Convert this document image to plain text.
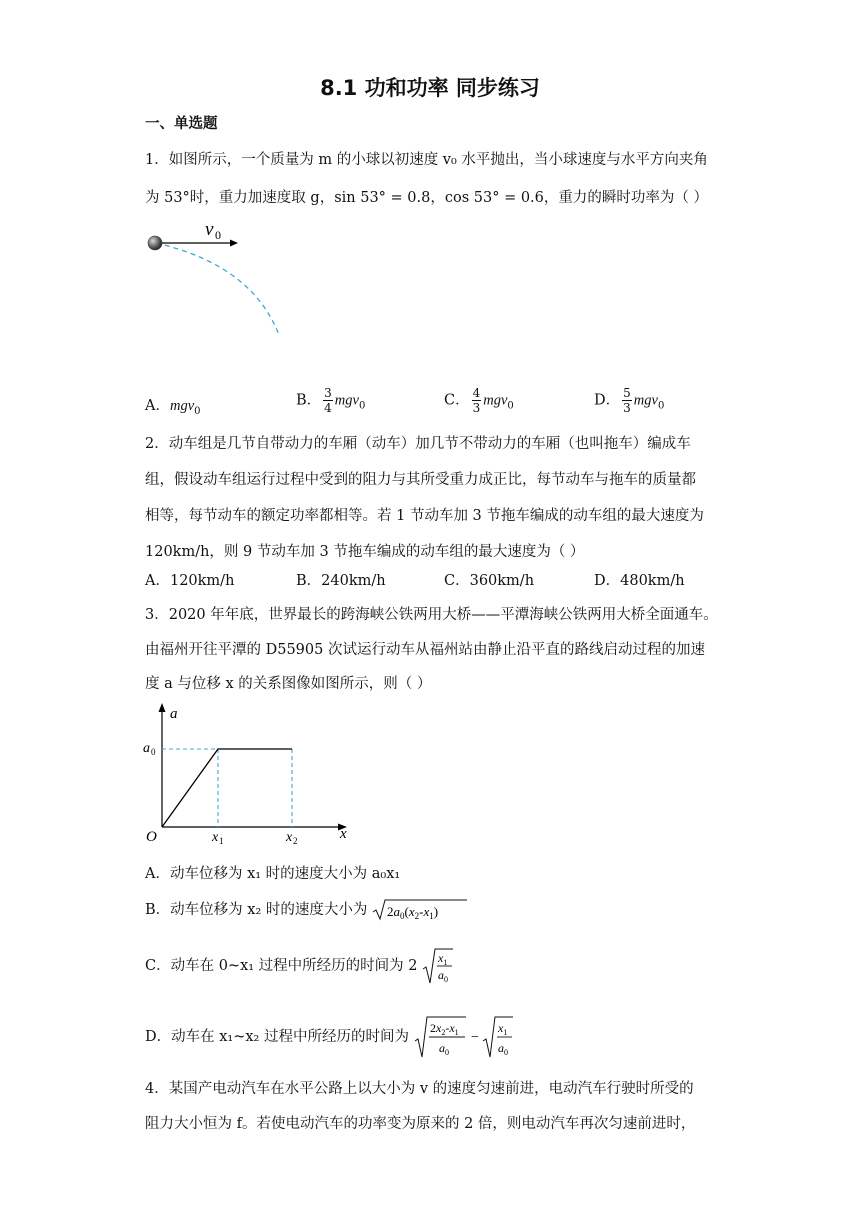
8.1 功和功率 同步练习
一、单选题
1．如图所示，一个质量为 m 的小球以初速度 v₀ 水平抛出，当小球速度与水平方向夹角
为 53°时，重力加速度取 g，sin 53° = 0.8，cos 53° = 0.6，重力的瞬时功率为（ ）
v 0
A．mgv$_0$
B． $\frac{3}{4} mgv_0$	C． $\frac{4}{3} mgv_0$	D． $\frac{5}{3} mgv_0$
2．动车组是几节自带动力的车厢（动车）加几节不带动力的车厢（也叫拖车）编成车
组，假设动车组运行过程中受到的阻力与其所受重力成正比，每节动车与拖车的质量都
相等，每节动车的额定功率都相等。若 1 节动车加 3 节拖车编成的动车组的最大速度为
120km/h，则 9 节动车加 3 节拖车编成的动车组的最大速度为（ ）
A．120km/h	B．240km/h	C．360km/h	D．480km/h
3．2020 年年底，世界最长的跨海峡公铁两用大桥——平潭海峡公铁两用大桥全面通车。
由福州开往平潭的 D55905 次试运行动车从福州站由静止沿平直的路线启动过程的加速
度 a 与位移 x 的关系图像如图所示，则（ ）
a
x
O
a 0
x 1	x 2
A．动车位移为 x₁ 时的速度大小为 a₀x₁
B．动车位移为 x₂ 时的速度大小为 $2a_0(x_2-x_1)$
C．动车在 0~x₁ 过程中所经历的时间为 2 $x_1$
$a_0$
D．动车在 x₁~x₂ 过程中所经历的时间为
$2x_2-x_1$
$a_0$
−
$x_1$
$a_0$
4．某国产电动汽车在水平公路上以大小为 v 的速度匀速前进，电动汽车行驶时所受的
阻力大小恒为 f。若使电动汽车的功率变为原来的 2 倍，则电动汽车再次匀速前进时，
